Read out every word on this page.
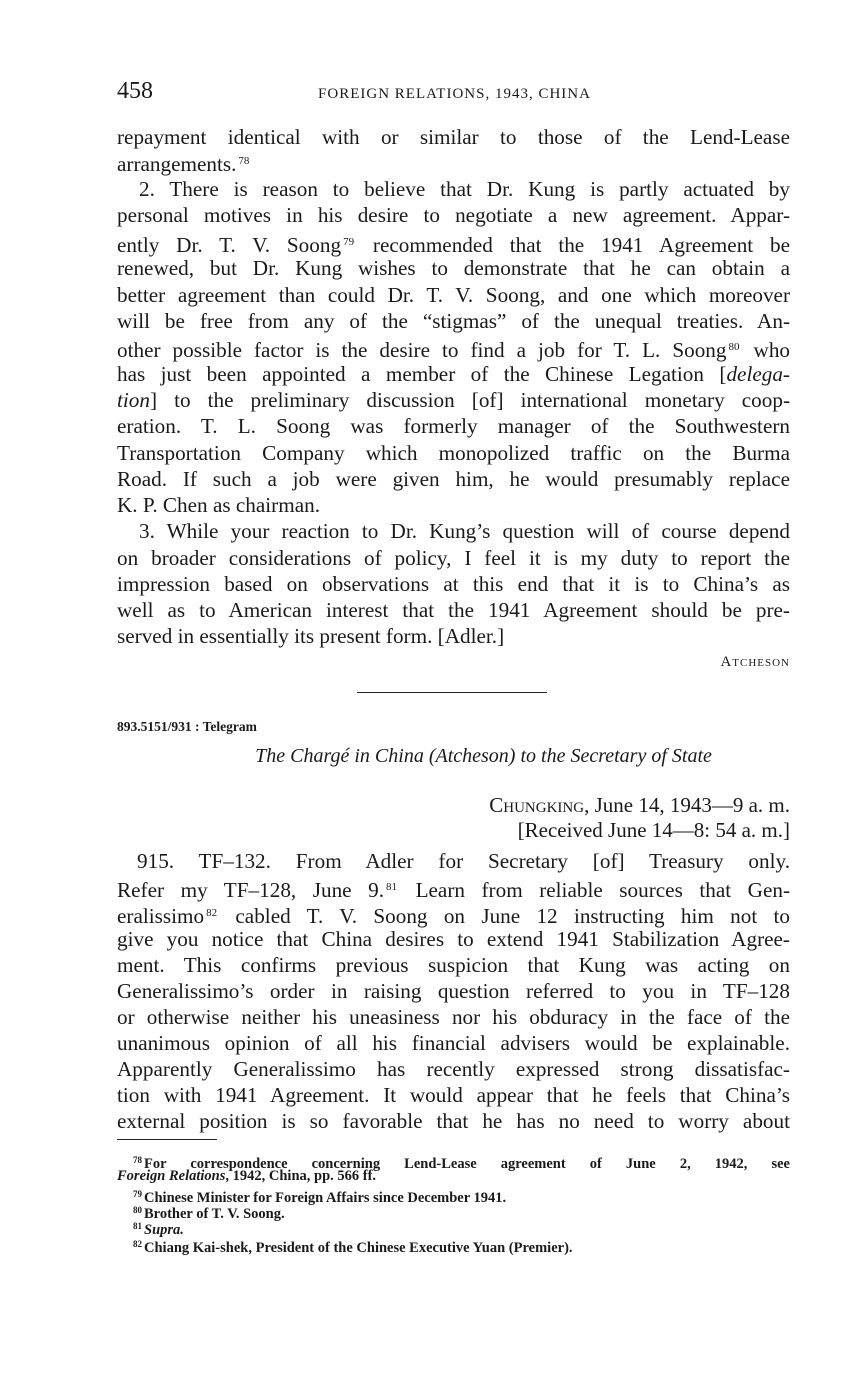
458	FOREIGN RELATIONS, 1943, CHINA
repayment identical with or similar to those of the Lend-Lease
arrangements. $^{78}$
2. There is reason to believe that Dr. Kung is partly actuated by
personal motives in his desire to negotiate a new agreement. Appar-
ently Dr. T. V. Soong $^{79}$ recommended that the 1941 Agreement be
renewed, but Dr. Kung wishes to demonstrate that he can obtain a
better agreement than could Dr. T. V. Soong, and one which moreover
will be free from any of the “stigmas” of the unequal treaties. An-
other possible factor is the desire to find a job for T. L. Soong $^{80}$ who
has just been appointed a member of the Chinese Legation [delega-
tion] to the preliminary discussion [of] international monetary coop-
eration. T. L. Soong was formerly manager of the Southwestern
Transportation Company which monopolized traffic on the Burma
Road. If such a job were given him, he would presumably replace
K. P. Chen as chairman.
3. While your reaction to Dr. Kung’s question will of course depend
on broader considerations of policy, I feel it is my duty to report the
impression based on observations at this end that it is to China’s as
well as to American interest that the 1941 Agreement should be pre-
served in essentially its present form. [Adler.]
Atcheson
893.5151/931 : Telegram
The Chargé in China (Atcheson) to the Secretary of State
Chungking, June 14, 1943—9 a. m.
[Received June 14—8: 54 a. m.]
915. TF–132. From Adler for Secretary [of] Treasury only.
Refer my TF–128, June 9. $^{81}$ Learn from reliable sources that Gen-
eralissimo $^{82}$ cabled T. V. Soong on June 12 instructing him not to
give you notice that China desires to extend 1941 Stabilization Agree-
ment. This confirms previous suspicion that Kung was acting on
Generalissimo’s order in raising question referred to you in TF–128
or otherwise neither his uneasiness nor his obduracy in the face of the
unanimous opinion of all his financial advisers would be explainable.
Apparently Generalissimo has recently expressed strong dissatisfac-
tion with 1941 Agreement. It would appear that he feels that China’s
external position is so favorable that he has no need to worry about
$^{78}$ For correspondence concerning Lend-Lease agreement of June 2, 1942, see
Foreign Relations, 1942, China, pp. 566 ff.
$^{79}$ Chinese Minister for Foreign Affairs since December 1941.
$^{80}$ Brother of T. V. Soong.
$^{81}$ Supra.
$^{82}$ Chiang Kai-shek, President of the Chinese Executive Yuan (Premier).
